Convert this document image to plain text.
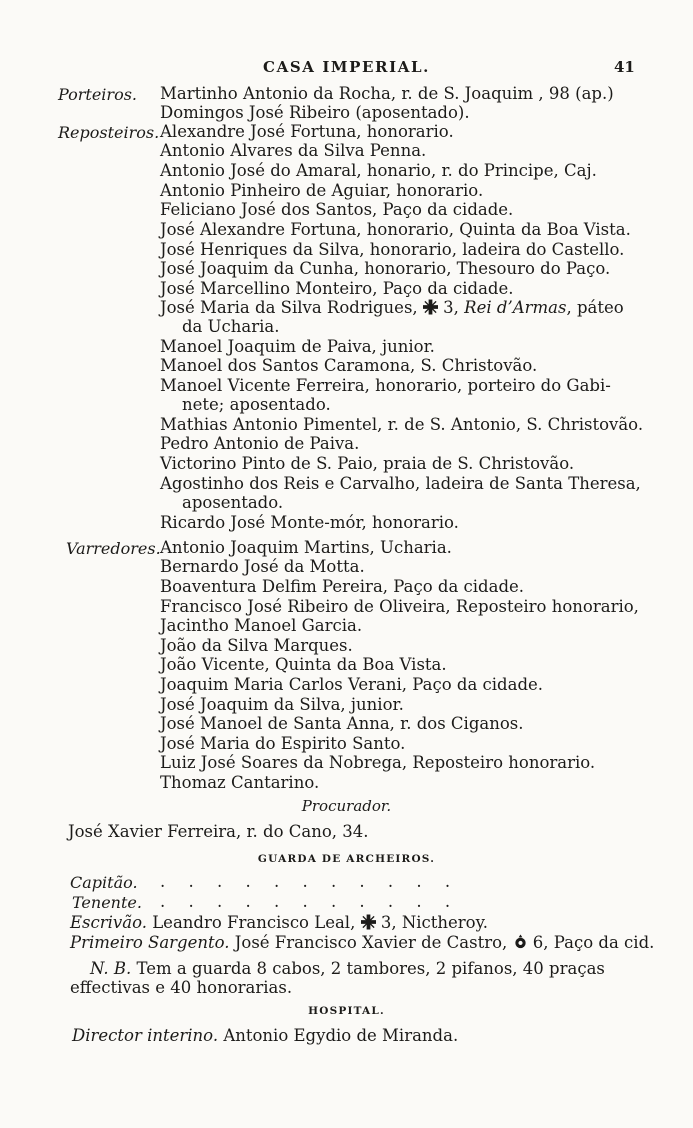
CASA IMPERIAL.	41
Porteiros. Martinho Antonio da Rocha, r. de S. Joaquim , 98 (ap.)
Domingos José Ribeiro (aposentado).
Reposteiros. Alexandre José Fortuna, honorario.
Antonio Alvares da Silva Penna.
Antonio José do Amaral, honario, r. do Principe, Caj.
Antonio Pinheiro de Aguiar, honorario.
Feliciano José dos Santos, Paço da cidade.
José Alexandre Fortuna, honorario, Quinta da Boa Vista.
José Henriques da Silva, honorario, ladeira do Castello.
José Joaquim da Cunha, honorario, Thesouro do Paço.
José Marcellino Monteiro, Paço da cidade.
José Maria da Silva Rodrigues, 3, Rei d’Armas, páteo
da Ucharia.
Manoel Joaquim de Paiva, junior.
Manoel dos Santos Caramona, S. Christovão.
Manoel Vicente Ferreira, honorario, porteiro do Gabi-
nete; aposentado.
Mathias Antonio Pimentel, r. de S. Antonio, S. Christovão.
Pedro Antonio de Paiva.
Victorino Pinto de S. Paio, praia de S. Christovão.
Agostinho dos Reis e Carvalho, ladeira de Santa Theresa,
aposentado.
Ricardo José Monte-mór, honorario.
Varredores. Antonio Joaquim Martins, Ucharia.
Bernardo José da Motta.
Boaventura Delfim Pereira, Paço da cidade.
Francisco José Ribeiro de Oliveira, Reposteiro honorario,
Jacintho Manoel Garcia.
João da Silva Marques.
João Vicente, Quinta da Boa Vista.
Joaquim Maria Carlos Verani, Paço da cidade.
José Joaquim da Silva, junior.
José Manoel de Santa Anna, r. dos Ciganos.
José Maria do Espirito Santo.
Luiz José Soares da Nobrega, Reposteiro honorario.
Thomaz Cantarino.
Procurador.
José Xavier Ferreira, r. do Cano, 34.
GUARDA DE ARCHEIROS.
Capitão. . . . . . . . . . . .
Tenente. . . . . . . . . . . .
Escrivão. Leandro Francisco Leal, 3, Nictheroy.
Primeiro Sargento. José Francisco Xavier de Castro, 6, Paço da cid.
N. B. Tem a guarda 8 cabos, 2 tambores, 2 pifanos, 40 praças
effectivas e 40 honorarias.
HOSPITAL.
Director interino. Antonio Egydio de Miranda.
